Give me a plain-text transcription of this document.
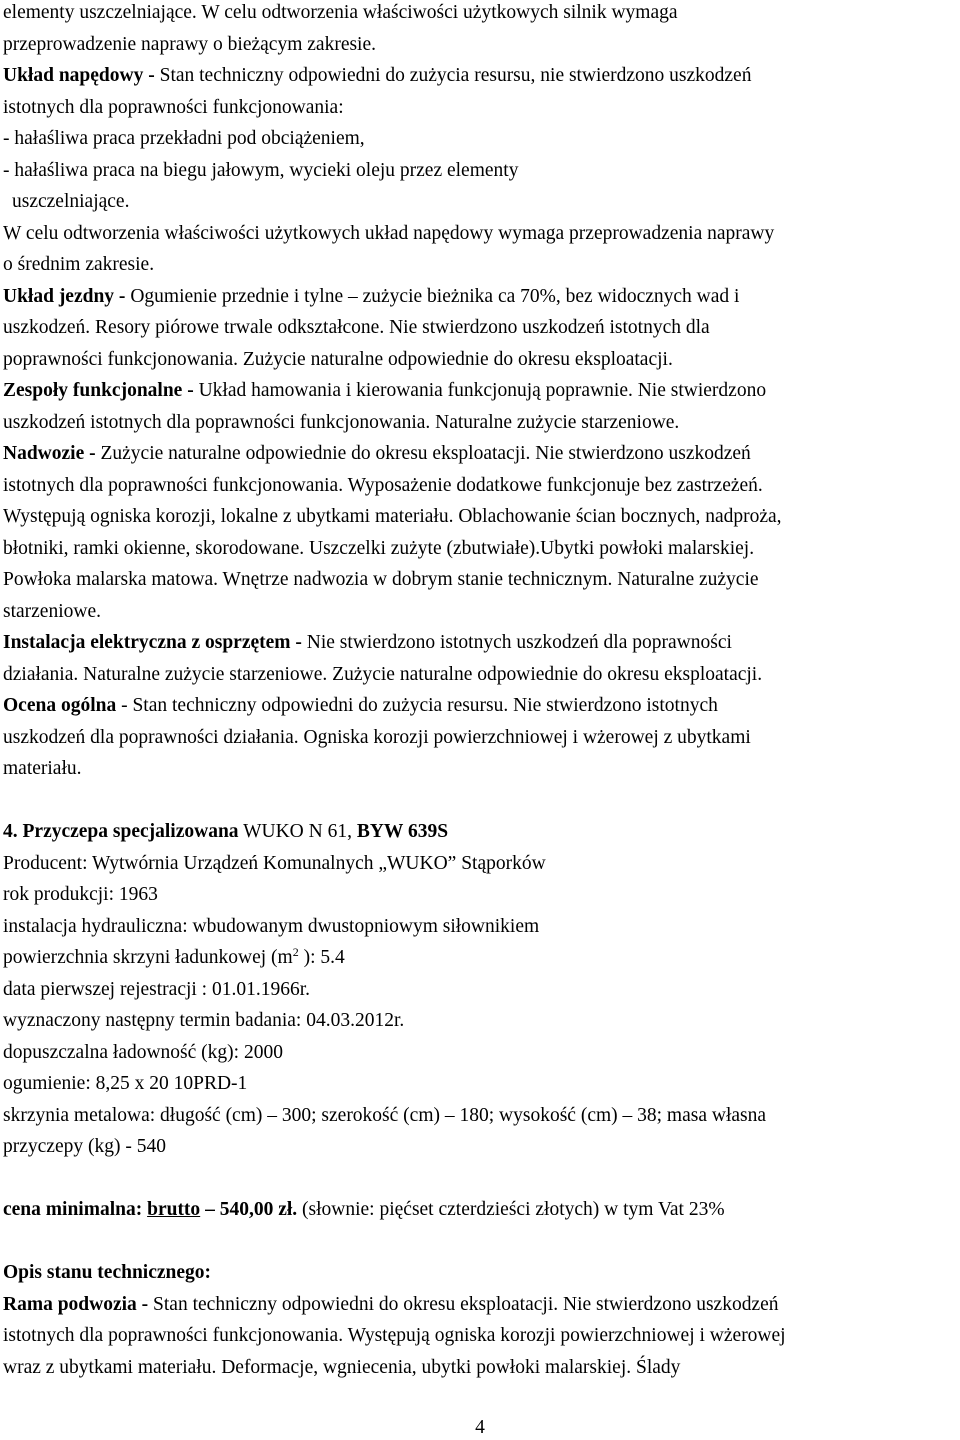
elementy uszczelniające. W celu odtworzenia właściwości użytkowych silnik wymaga
przeprowadzenie naprawy o bieżącym zakresie.
Układ napędowy - Stan techniczny odpowiedni do zużycia resursu, nie stwierdzono uszkodzeń
istotnych dla poprawności funkcjonowania:
- hałaśliwa praca przekładni pod obciążeniem,
- hałaśliwa praca na biegu jałowym, wycieki oleju przez elementy
uszczelniające.
W celu odtworzenia właściwości użytkowych układ napędowy wymaga przeprowadzenia naprawy
o średnim zakresie.
Układ jezdny - Ogumienie przednie i tylne – zużycie bieżnika ca 70%, bez widocznych wad i
uszkodzeń. Resory piórowe trwale odkształcone. Nie stwierdzono uszkodzeń istotnych dla
poprawności funkcjonowania. Zużycie naturalne odpowiednie do okresu eksploatacji.
Zespoły funkcjonalne - Układ hamowania i kierowania funkcjonują poprawnie. Nie stwierdzono
uszkodzeń istotnych dla poprawności funkcjonowania. Naturalne zużycie starzeniowe.
Nadwozie - Zużycie naturalne odpowiednie do okresu eksploatacji. Nie stwierdzono uszkodzeń
istotnych dla poprawności funkcjonowania. Wyposażenie dodatkowe funkcjonuje bez zastrzeżeń.
Występują ogniska korozji, lokalne z ubytkami materiału. Oblachowanie ścian bocznych, nadproża,
błotniki, ramki okienne, skorodowane. Uszczelki zużyte (zbutwiałe).Ubytki powłoki malarskiej.
Powłoka malarska matowa. Wnętrze nadwozia w dobrym stanie technicznym. Naturalne zużycie
starzeniowe.
Instalacja elektryczna z osprzętem - Nie stwierdzono istotnych uszkodzeń dla poprawności
działania. Naturalne zużycie starzeniowe. Zużycie naturalne odpowiednie do okresu eksploatacji.
Ocena ogólna - Stan techniczny odpowiedni do zużycia resursu. Nie stwierdzono istotnych
uszkodzeń dla poprawności działania. Ogniska korozji powierzchniowej i wżerowej z ubytkami
materiału.
4. Przyczepa specjalizowana WUKO N 61, BYW 639S
Producent: Wytwórnia Urządzeń Komunalnych „WUKO” Stąporków
rok produkcji: 1963
instalacja hydrauliczna: wbudowanym dwustopniowym siłownikiem
powierzchnia skrzyni ładunkowej ($m^2$ ): 5.4
data pierwszej rejestracji : 01.01.1966r.
wyznaczony następny termin badania: 04.03.2012r.
dopuszczalna ładowność (kg): 2000
ogumienie: 8,25 x 20 10PRD-1
skrzynia metalowa: długość (cm) – 300; szerokość (cm) – 180; wysokość (cm) – 38; masa własna
przyczepy (kg) - 540
cena minimalna: brutto – 540,00 zł. (słownie: pięćset czterdzieści złotych) w tym Vat 23%
Opis stanu technicznego:
Rama podwozia - Stan techniczny odpowiedni do okresu eksploatacji. Nie stwierdzono uszkodzeń
istotnych dla poprawności funkcjonowania. Występują ogniska korozji powierzchniowej i wżerowej
wraz z ubytkami materiału. Deformacje, wgniecenia, ubytki powłoki malarskiej. Ślady
4
